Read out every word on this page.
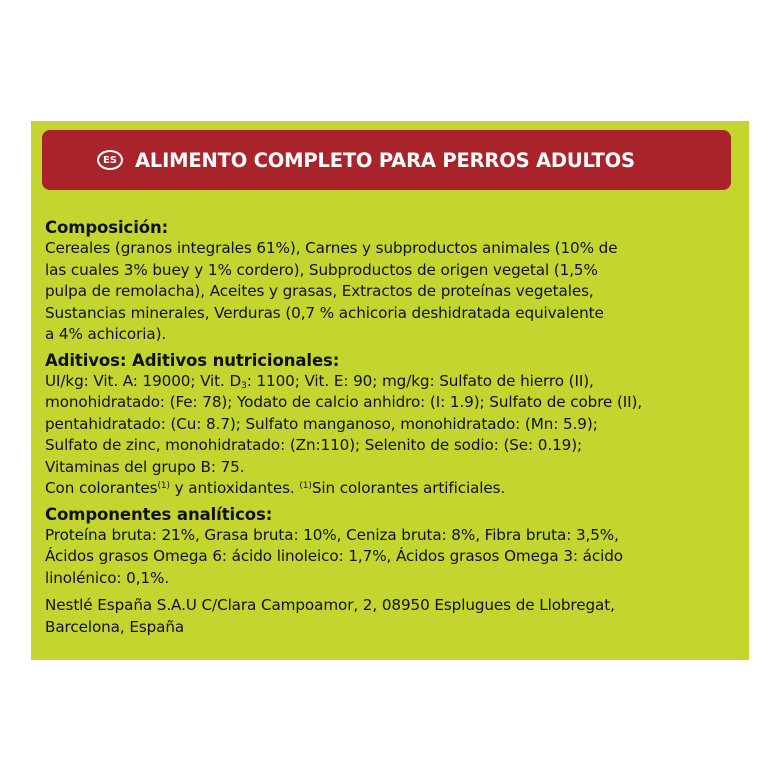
ES ALIMENTO COMPLETO PARA PERROS ADULTOS
Composición:
Cereales (granos integrales 61%), Carnes y subproductos animales (10% de
las cuales 3% buey y 1% cordero), Subproductos de origen vegetal (1,5%
pulpa de remolacha), Aceites y grasas, Extractos de proteínas vegetales,
Sustancias minerales, Verduras (0,7 % achicoria deshidratada equivalente
a 4% achicoria).
Aditivos: Aditivos nutricionales:
UI/kg: Vit. A: 19000; Vit. $D_3$: 1100; Vit. E: 90; mg/kg: Sulfato de hierro (II),
monohidratado: (Fe: 78); Yodato de calcio anhidro: (I: 1.9); Sulfato de cobre (II),
pentahidratado: (Cu: 8.7); Sulfato manganoso, monohidratado: (Mn: 5.9);
Sulfato de zinc, monohidratado: (Zn:110); Selenito de sodio: (Se: 0.19);
Vitaminas del grupo B: 75.
Con colorantes$^{(1)}$ y antioxidantes. $^{(1)}$Sin colorantes artificiales.
Componentes analíticos:
Proteína bruta: 21%, Grasa bruta: 10%, Ceniza bruta: 8%, Fibra bruta: 3,5%,
Ácidos grasos Omega 6: ácido linoleico: 1,7%, Ácidos grasos Omega 3: ácido
linolénico: 0,1%.
Nestlé España S.A.U C/Clara Campoamor, 2, 08950 Esplugues de Llobregat,
Barcelona, España
